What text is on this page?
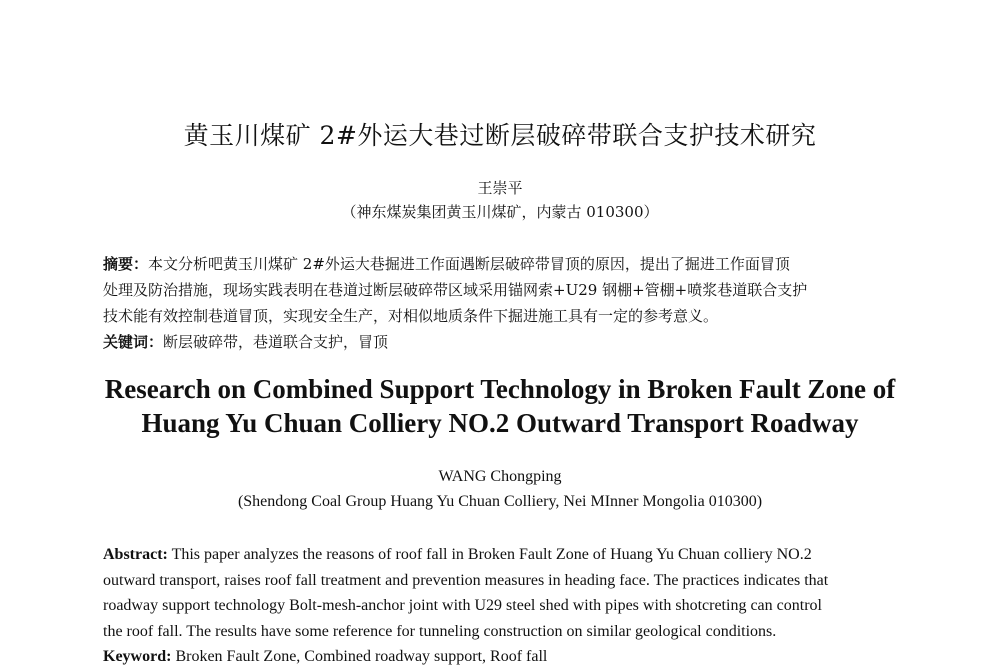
黄玉川煤矿 2#外运大巷过断层破碎带联合支护技术研究
王崇平
（神东煤炭集团黄玉川煤矿，内蒙古 010300）
摘要：本文分析吧黄玉川煤矿 2#外运大巷掘进工作面遇断层破碎带冒顶的原因，提出了掘进工作面冒顶
处理及防治措施，现场实践表明在巷道过断层破碎带区域采用锚网索+U29 钢棚+管棚+喷浆巷道联合支护
技术能有效控制巷道冒顶，实现安全生产，对相似地质条件下掘进施工具有一定的参考意义。
关键词：断层破碎带，巷道联合支护，冒顶
Research on Combined Support Technology in Broken Fault Zone of
Huang Yu Chuan Colliery NO.2 Outward Transport Roadway
WANG Chongping
(Shendong Coal Group Huang Yu Chuan Colliery, Nei MInner Mongolia 010300)
Abstract: This paper analyzes the reasons of roof fall in Broken Fault Zone of Huang Yu Chuan colliery NO.2
outward transport, raises roof fall treatment and prevention measures in heading face. The practices indicates that
roadway support technology Bolt-mesh-anchor joint with U29 steel shed with pipes with shotcreting can control
the roof fall. The results have some reference for tunneling construction on similar geological conditions.
Keyword: Broken Fault Zone, Combined roadway support, Roof fall
